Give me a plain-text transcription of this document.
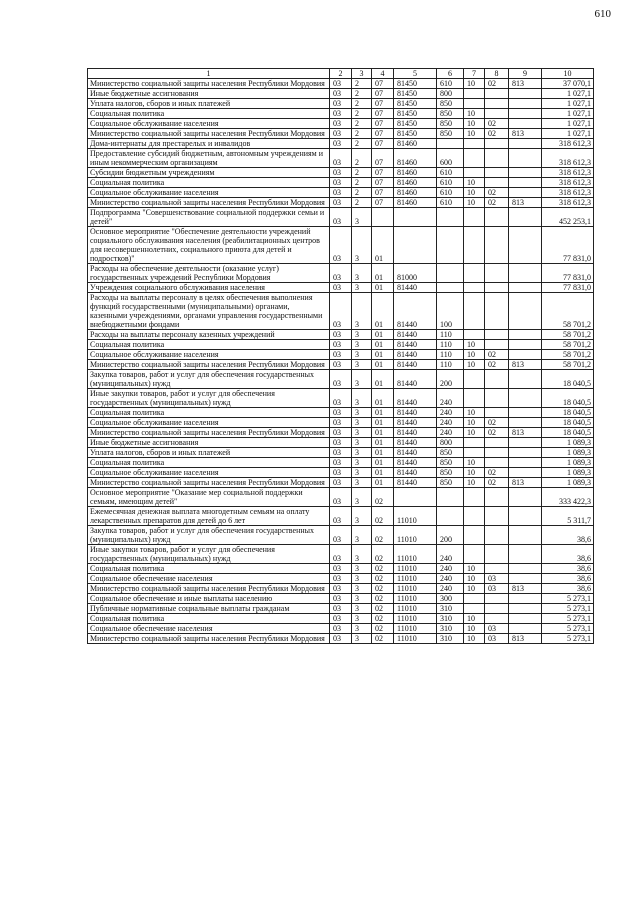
610
1	2	3	4	5	6	7	8	9	10
Министерство социальной защиты населения Республики Мордовия	03	2	07	81450	610	10	02	813	37 070,1
Иные бюджетные ассигнования	03	2	07	81450	800				1 027,1
Уплата налогов, сборов и иных платежей	03	2	07	81450	850				1 027,1
Социальная политика	03	2	07	81450	850	10			1 027,1
Социальное обслуживание населения	03	2	07	81450	850	10	02		1 027,1
Министерство социальной защиты населения Республики Мордовия	03	2	07	81450	850	10	02	813	1 027,1
Дома-интернаты для престарелых и инвалидов	03	2	07	81460					318 612,3
Предоставление субсидий бюджетным, автономным учреждениям и иным некоммерческим организациям	03	2	07	81460	600				318 612,3
Субсидии бюджетным учреждениям	03	2	07	81460	610				318 612,3
Социальная политика	03	2	07	81460	610	10			318 612,3
Социальное обслуживание населения	03	2	07	81460	610	10	02		318 612,3
Министерство социальной защиты населения Республики Мордовия	03	2	07	81460	610	10	02	813	318 612,3
Подпрограмма "Совершенствование социальной поддержки семьи и детей"	03	3							452 253,1
Основное мероприятие "Обеспечение деятельности учреждений социального обслуживания населения (реабилитационных центров для несовершеннолетних, социального приюта для детей и подростков)"	03	3	01						77 831,0
Расходы на обеспечение деятельности (оказание услуг) государственных учреждений Республики Мордовия	03	3	01	81000					77 831,0
Учреждения социального обслуживания населения	03	3	01	81440					77 831,0
Расходы на выплаты персоналу в целях обеспечения выполнения функций государственными (муниципальными) органами, казенными учреждениями, органами управления государственными внебюджетными фондами	03	3	01	81440	100				58 701,2
Расходы на выплаты персоналу казенных учреждений	03	3	01	81440	110				58 701,2
Социальная политика	03	3	01	81440	110	10			58 701,2
Социальное обслуживание населения	03	3	01	81440	110	10	02		58 701,2
Министерство социальной защиты населения Республики Мордовия	03	3	01	81440	110	10	02	813	58 701,2
Закупка товаров, работ и услуг для обеспечения государственных (муниципальных) нужд	03	3	01	81440	200				18 040,5
Иные закупки товаров, работ и услуг для обеспечения государственных (муниципальных) нужд	03	3	01	81440	240				18 040,5
Социальная политика	03	3	01	81440	240	10			18 040,5
Социальное обслуживание населения	03	3	01	81440	240	10	02		18 040,5
Министерство социальной защиты населения Республики Мордовия	03	3	01	81440	240	10	02	813	18 040,5
Иные бюджетные ассигнования	03	3	01	81440	800				1 089,3
Уплата налогов, сборов и иных платежей	03	3	01	81440	850				1 089,3
Социальная политика	03	3	01	81440	850	10			1 089,3
Социальное обслуживание населения	03	3	01	81440	850	10	02		1 089,3
Министерство социальной защиты населения Республики Мордовия	03	3	01	81440	850	10	02	813	1 089,3
Основное мероприятие "Оказание мер социальной поддержки семьям, имеющим детей"	03	3	02						333 422,3
Ежемесячная денежная выплата многодетным семьям на оплату лекарственных препаратов для детей до 6 лет	03	3	02	11010					5 311,7
Закупка товаров, работ и услуг для обеспечения государственных (муниципальных) нужд	03	3	02	11010	200				38,6
Иные закупки товаров, работ и услуг для обеспечения государственных (муниципальных) нужд	03	3	02	11010	240				38,6
Социальная политика	03	3	02	11010	240	10			38,6
Социальное обеспечение населения	03	3	02	11010	240	10	03		38,6
Министерство социальной защиты населения Республики Мордовия	03	3	02	11010	240	10	03	813	38,6
Социальное обеспечение и иные выплаты населению	03	3	02	11010	300				5 273,1
Публичные нормативные социальные выплаты гражданам	03	3	02	11010	310				5 273,1
Социальная политика	03	3	02	11010	310	10			5 273,1
Социальное обеспечение населения	03	3	02	11010	310	10	03		5 273,1
Министерство социальной защиты населения Республики Мордовия	03	3	02	11010	310	10	03	813	5 273,1
